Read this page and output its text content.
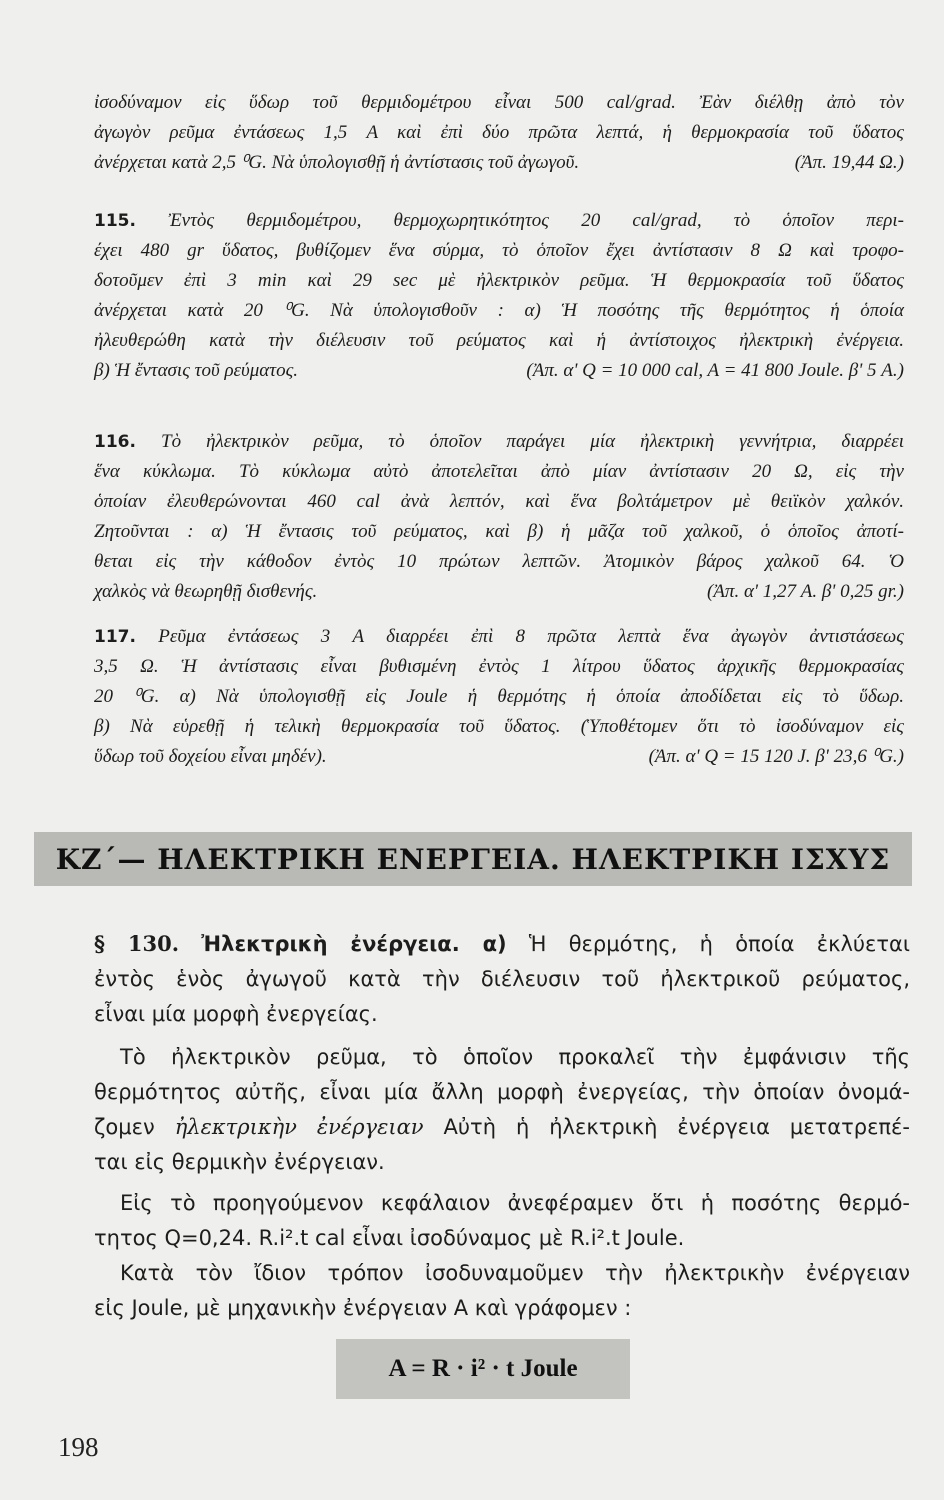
ἰσοδύναμον εἰς ὕδωρ τοῦ θερμιδομέτρου εἶναι 500 cal/grad. Ἐὰν διέλθῃ ἀπὸ τὸν
ἀγωγὸν ρεῦμα ἐντάσεως 1,5 A καὶ ἐπὶ δύο πρῶτα λεπτά, ἡ θερμοκρασία τοῦ ὕδατος
ἀνέρχεται κατὰ 2,5 ⁰G. Νὰ ὑπολογισθῇ ἡ ἀντίστασις τοῦ ἀγωγοῦ.	(Ἀπ. 19,44 Ω.)
115. Ἐντὸς θερμιδομέτρου, θερμοχωρητικότητος 20 cal/grad, τὸ ὁποῖον περι-
έχει 480 gr ὕδατος, βυθίζομεν ἕνα σύρμα, τὸ ὁποῖον ἔχει ἀντίστασιν 8 Ω καὶ τροφο-
δοτοῦμεν ἐπὶ 3 min καὶ 29 sec μὲ ἠλεκτρικὸν ρεῦμα. Ἡ θερμοκρασία τοῦ ὕδατος
ἀνέρχεται κατὰ 20 ⁰G. Νὰ ὑπολογισθοῦν : α) Ἡ ποσότης τῆς θερμότητος ἡ ὁποία
ἠλευθερώθη κατὰ τὴν διέλευσιν τοῦ ρεύματος καὶ ἡ ἀντίστοιχος ἠλεκτρικὴ ἐνέργεια.
β) Ἡ ἔντασις τοῦ ρεύματος.	(Ἀπ. α' Q = 10 000 cal, A = 41 800 Joule. β' 5 A.)
116. Τὸ ἠλεκτρικὸν ρεῦμα, τὸ ὁποῖον παράγει μία ἠλεκτρικὴ γεννήτρια, διαρρέει
ἕνα κύκλωμα. Τὸ κύκλωμα αὐτὸ ἀποτελεῖται ἀπὸ μίαν ἀντίστασιν 20 Ω, εἰς τὴν
ὁποίαν ἐλευθερώνονται 460 cal ἀνὰ λεπτόν, καὶ ἕνα βολτάμετρον μὲ θειϊκὸν χαλκόν.
Ζητοῦνται : α) Ἡ ἔντασις τοῦ ρεύματος, καὶ β) ἡ μᾶζα τοῦ χαλκοῦ, ὁ ὁποῖος ἀποτί-
θεται εἰς τὴν κάθοδον ἐντὸς 10 πρώτων λεπτῶν. Ἀτομικὸν βάρος χαλκοῦ 64. Ὁ
χαλκὸς νὰ θεωρηθῇ δισθενής.	(Ἀπ. α' 1,27 A. β' 0,25 gr.)
117. Ρεῦμα ἐντάσεως 3 A διαρρέει ἐπὶ 8 πρῶτα λεπτὰ ἕνα ἀγωγὸν ἀντιστάσεως
3,5 Ω. Ἡ ἀντίστασις εἶναι βυθισμένη ἐντὸς 1 λίτρου ὕδατος ἀρχικῆς θερμοκρασίας
20 ⁰G. α) Νὰ ὑπολογισθῇ εἰς Joule ἡ θερμότης ἡ ὁποία ἀποδίδεται εἰς τὸ ὕδωρ.
β) Νὰ εὑρεθῇ ἡ τελικὴ θερμοκρασία τοῦ ὕδατος. (Ὑποθέτομεν ὅτι τὸ ἰσοδύναμον εἰς
ὕδωρ τοῦ δοχείου εἶναι μηδέν).	(Ἀπ. α' Q = 15 120 J. β' 23,6 ⁰G.)
ΚΖ΄— ΗΛΕΚΤΡΙΚΗ ΕΝΕΡΓΕΙΑ. ΗΛΕΚΤΡΙΚΗ ΙΣΧΥΣ
§ 130. Ἠλεκτρικὴ ἐνέργεια. α) Ἡ θερμότης, ἡ ὁποία ἐκλύεται
ἐντὸς ἑνὸς ἀγωγοῦ κατὰ τὴν διέλευσιν τοῦ ἠλεκτρικοῦ ρεύματος,
εἶναι μία μορφὴ ἐνεργείας.
Τὸ ἠλεκτρικὸν ρεῦμα, τὸ ὁποῖον προκαλεῖ τὴν ἐμφάνισιν τῆς
θερμότητος αὐτῆς, εἶναι μία ἄλλη μορφὴ ἐνεργείας, τὴν ὁποίαν ὀνομά-
ζομεν ἠλεκτρικὴν ἐνέργειαν Αὐτὴ ἡ ἠλεκτρικὴ ἐνέργεια μετατρεπέ-
ται εἰς θερμικὴν ἐνέργειαν.
Εἰς τὸ προηγούμενον κεφάλαιον ἀνεφέραμεν ὅτι ἡ ποσότης θερμό-
τητος Q=0,24. R.i².t cal εἶναι ἰσοδύναμος μὲ R.i².t Joule.
Κατὰ τὸν ἴδιον τρόπον ἰσοδυναμοῦμεν τὴν ἠλεκτρικὴν ἐνέργειαν
εἰς Joule, μὲ μηχανικὴν ἐνέργειαν A καὶ γράφομεν :
A = R · i² · t Joule
198
